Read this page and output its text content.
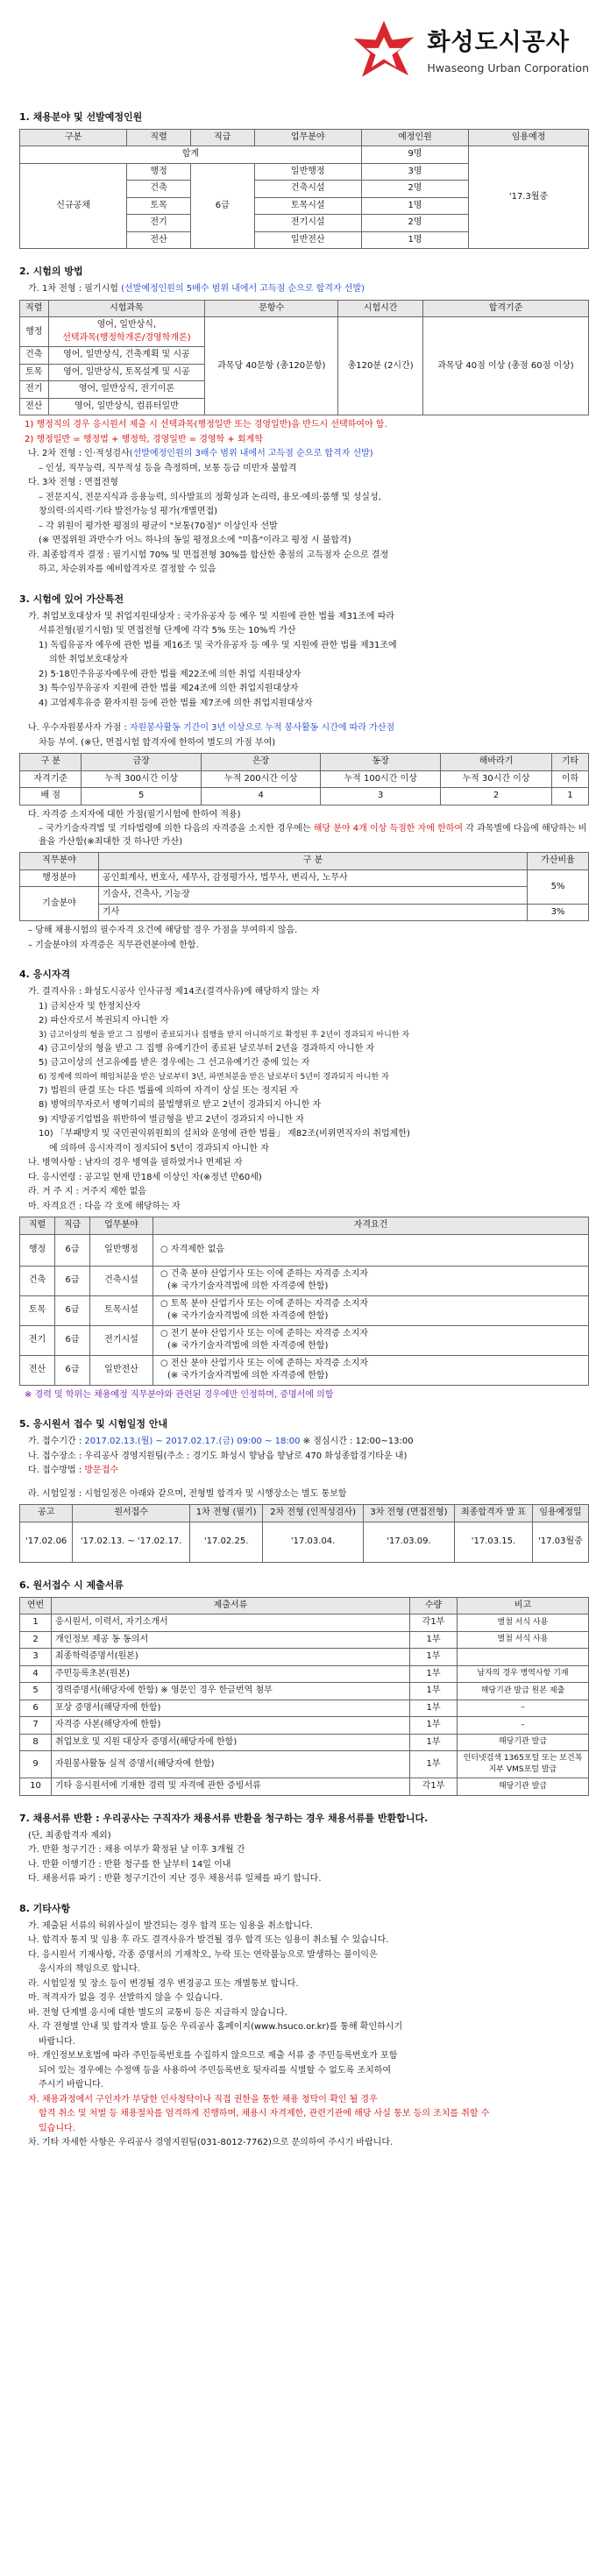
화성도시공사
Hwaseong Urban Corporation
1. 채용분야 및 선발예정인원
구분	직렬	직급	업무분야	예정인원	임용예정
합계				9명	'17.3월중
신규공채	행정	6급	일반행정	3명	
	건축		건축시설	2명	
	토목		토목시설	1명	
	전기		전기시설	2명	
	전산		일반전산	1명	
2. 시험의 방법
가. 1차 전형 : 필기시험 (선발예정인원의 5배수 범위 내에서 고득점 순으로 합격자 선발)
직렬	시험과목	문항수	시험시간	합격기준
행정	영어, 일반상식,
선택과목(행정학개론/경영학개론)	과목당 40문항 (총120문항)	총120분 (2시간)	과목당 40점 이상 (총점 60점 이상)
건축	영어, 일반상식, 건축계획 및 시공			
토목	영어, 일반상식, 토목설계 및 시공			
전기	영어, 일반상식, 전기이론			
전산	영어, 일반상식, 컴퓨터일반			
1) 행정직의 경우 응시원서 제출 시 선택과목(행정일반 또는 경영일반)을 반드시 선택하여야 함.
2) 행정일반 = 행정법 + 행정학, 경영일반 = 경영학 + 회계학
나. 2차 전형 : 인·적성검사(선발예정인원의 3배수 범위 내에서 고득점 순으로 합격자 선발)
– 인성, 직무능력, 직무적성 등을 측정하며, 보통 등급 미만자 불합격
다. 3차 전형 : 면접전형
– 전문지식, 전문지식과 응용능력, 의사발표의 정확성과 논리력, 용모·예의·품행 및 성실성,
창의력·의지력·기타 발전가능성 평가(개별면접)
– 각 위원이 평가한 평점의 평균이 "보통(70점)" 이상인자 선발
(※ 면접위원 과반수가 어느 하나의 동일 평정요소에 "미흡"이라고 평정 시 불합격)
라. 최종합격자 결정 : 필기시험 70% 및 면접전형 30%를 합산한 총점의 고득점자 순으로 결정
하고, 차순위자를 예비합격자로 결정할 수 있음
3. 시험에 있어 가산특전
가. 취업보호대상자 및 취업지원대상자 : 국가유공자 등 예우 및 지원에 관한 법률 제31조에 따라
서류전형(필기시험) 및 면접전형 단계에 각각 5% 또는 10%씩 가산
1) 독립유공자 예우에 관한 법률 제16조 및 국가유공자 등 예우 및 지원에 관한 법률 제31조에
의한 취업보호대상자
2) 5·18민주유공자예우에 관한 법률 제22조에 의한 취업 지원대상자
3) 특수임무유공자 지원에 관한 법률 제24조에 의한 취업지원대상자
4) 고엽제후유증 환자지원 등에 관한 법률 제7조에 의한 취업지원대상자
나. 우수자원봉사자 가점 : 자원봉사활동 기간이 3년 이상으로 누적 봉사활동 시간에 따라 가산점
차등 부여. (※단, 면접시험 합격자에 한하여 별도의 가점 부여)
구 분	금장	은장	동장	해바라기	기타
자격기준	누적 300시간 이상	누적 200시간 이상	누적 100시간 이상	누적 30시간 이상	이하
배 점	5	4	3	2	1
다. 자격증 소지자에 대한 가점(필기시험에 한하여 적용)
– 국가기술자격법 및 기타법령에 의한 다음의 자격증을 소지한 경우에는 해당 분야 4개 이상 득점한 자에 한하여 각 과목별에 다음에 해당하는 비율을 가산함(※최대한 것 하나만 가산)
직무분야	구 분	가산비율
행정분야	공인회계사, 변호사, 세무사, 감정평가사, 법무사, 변리사, 노무사	5%
기술분야	기술사, 건축사, 기능장	
	기사	3%
– 당해 채용시험의 필수자격 요건에 해당할 경우 가점을 부여하지 않음.
– 기술분야의 자격증은 직무관련분야에 한함.
4. 응시자격
가. 결격사유 : 화성도시공사 인사규정 제14조(결격사유)에 해당하지 않는 자
1) 금치산자 및 한정치산자
2) 파산자로서 복권되지 아니한 자
3) 금고이상의 형을 받고 그 집행이 종료되거나 집행을 받지 아니하기로 확정된 후 2년이 경과되지 아니한 자
4) 금고이상의 형을 받고 그 집행 유예기간이 종료된 날로부터 2년을 경과하지 아니한 자
5) 금고이상의 선고유예를 받은 경우에는 그 선고유예기간 중에 있는 자
6) 징계에 의하여 해임처분을 받은 날로부터 3년, 파면처분을 받은 날로부터 5년이 경과되지 아니한 자
7) 법원의 판결 또는 다른 법률에 의하여 자격이 상실 또는 정지된 자
8) 병역의무자로서 병역기피의 불법행위로 받고 2년이 경과되지 아니한 자
9) 지방공기업법을 위반하여 벌금형을 받고 2년이 경과되지 아니한 자
10) 「부패방지 및 국민권익위원회의 설치와 운영에 관한 법률」 제82조(비위면직자의 취업제한)
에 의하여 응시자격이 정지되어 5년이 경과되지 아니한 자
나. 병역사항 : 남자의 경우 병역을 필하였거나 면제된 자
다. 응시연령 : 공고일 현재 만18세 이상인 자(※정년 만60세)
라. 거 주 지 : 거주지 제한 없음
마. 자격요건 : 다음 각 호에 해당하는 자
직렬	직급	업무분야	자격요건
행정	6급	일반행정	○ 자격제한 없음
건축	6급	건축시설	○ 건축 분야 산업기사 또는 이에 준하는 자격증 소지자
(※ 국가기술자격법에 의한 자격증에 한함)

토목	6급	토목시설	○ 토목 분야 산업기사 또는 이에 준하는 자격증 소지자
(※ 국가기술자격법에 의한 자격증에 한함)

전기	6급	전기시설	○ 전기 분야 산업기사 또는 이에 준하는 자격증 소지자
(※ 국가기술자격법에 의한 자격증에 한함)

전산	6급	일반전산	○ 전산 분야 산업기사 또는 이에 준하는 자격증 소지자
(※ 국가기술자격법에 의한 자격증에 한함)
※ 경력 및 학위는 채용예정 직무분야와 관련된 경우에만 인정하며, 증명서에 의함
5. 응시원서 접수 및 시험일정 안내
가. 접수기간 : 2017.02.13.(월) ~ 2017.02.17.(금) 09:00 ~ 18:00 ※ 점심시간 : 12:00~13:00
나. 접수장소 : 우리공사 경영지원팀(주소 : 경기도 화성시 향남읍 향남로 470 화성종합경기타운 내)
다. 접수방법 : 방문접수
라. 시험일정 : 시험일정은 아래와 같으며, 전형별 합격자 및 시행장소는 별도 통보함
공고	원서접수	1차 전형 (필기)	2차 전형 (인적성검사)	3차 전형 (면접전형)	최종합격자 발 표	임용예정일
'17.02.06	'17.02.13. ~ '17.02.17.	'17.02.25.	'17.03.04.	'17.03.09.	'17.03.15.	'17.03월중
6. 원서접수 시 제출서류
연번	제출서류	수량	비고
1	응시원서, 이력서, 자기소개서	각1부	별첨 서식 사용
2	개인정보 제공 동 동의서	1부	별첨 서식 사용
3	최종학력증명서(원본)	1부	
4	주민등록초본(원본)	1부	남자의 경우 병역사항 기재
5	경력증명서(해당자에 한함) ※ 영문인 경우 한글번역 첨부	1부	해당기관 발급 원본 제출
6	포상 증명서(해당자에 한함)	1부	–
7	자격증 사본(해당자에 한함)	1부	–
8	취업보호 및 지원 대상자 증명서(해당자에 한함)	1부	해당기관 발급
9	자원봉사활동 실적 증명서(해당자에 한함)	1부	인터넷검색 1365포털 또는 보건복지부 VMS포털 발급
10	기타 응시원서에 기재한 경력 및 자격에 관한 증빙서류	각1부	해당기관 발급
7. 채용서류 반환 : 우리공사는 구직자가 채용서류 반환을 청구하는 경우 채용서류를 반환합니다.
(단, 최종합격자 제외)
가. 반환 청구기간 : 채용 여부가 확정된 날 이후 3개월 간
나. 반환 이행기간 : 반환 청구를 한 날부터 14일 이내
다. 채용서류 파기 : 반환 청구기간이 지난 경우 채용서류 일체를 파기 합니다.
8. 기타사항
가. 제출된 서류의 허위사실이 발견되는 경우 합격 또는 임용을 취소합니다.
나. 합격자 통지 및 임용 후 라도 결격사유가 발견될 경우 합격 또는 임용이 취소될 수 있습니다.
다. 응시원서 기재사항, 각종 증명서의 기재착오, 누락 또는 연락불능으로 발생하는 불이익은
응시자의 책임으로 합니다.
라. 시험일정 및 장소 등이 변경될 경우 변경공고 또는 개별통보 합니다.
마. 적격자가 없을 경우 선발하지 않을 수 있습니다.
바. 전형 단계별 응시에 대한 별도의 교통비 등은 지급하지 않습니다.
사. 각 전형별 안내 및 합격자 발표 등은 우리공사 홈페이지(www.hsuco.or.kr)를 통해 확인하시기
바랍니다.
아. 개인정보보호법에 따라 주민등록번호를 수집하지 않으므로 제출 서류 중 주민등록번호가 포함
되어 있는 경우에는 수정액 등을 사용하여 주민등록번호 뒷자리를 식별할 수 없도록 조치하여
주시기 바랍니다.
자. 채용과정에서 구인자가 부당한 인사청탁이나 직접 권한을 통한 채용 청탁이 확인 될 경우
합격 취소 및 처벌 등 채용절차를 엄격하게 진행하며, 채용시 자격제한, 관련기관에 해당 사실 통보 등의 조치를 취할 수
있습니다.
차. 기타 자세한 사항은 우리공사 경영지원팀(031-8012-7762)으로 문의하여 주시기 바랍니다.
